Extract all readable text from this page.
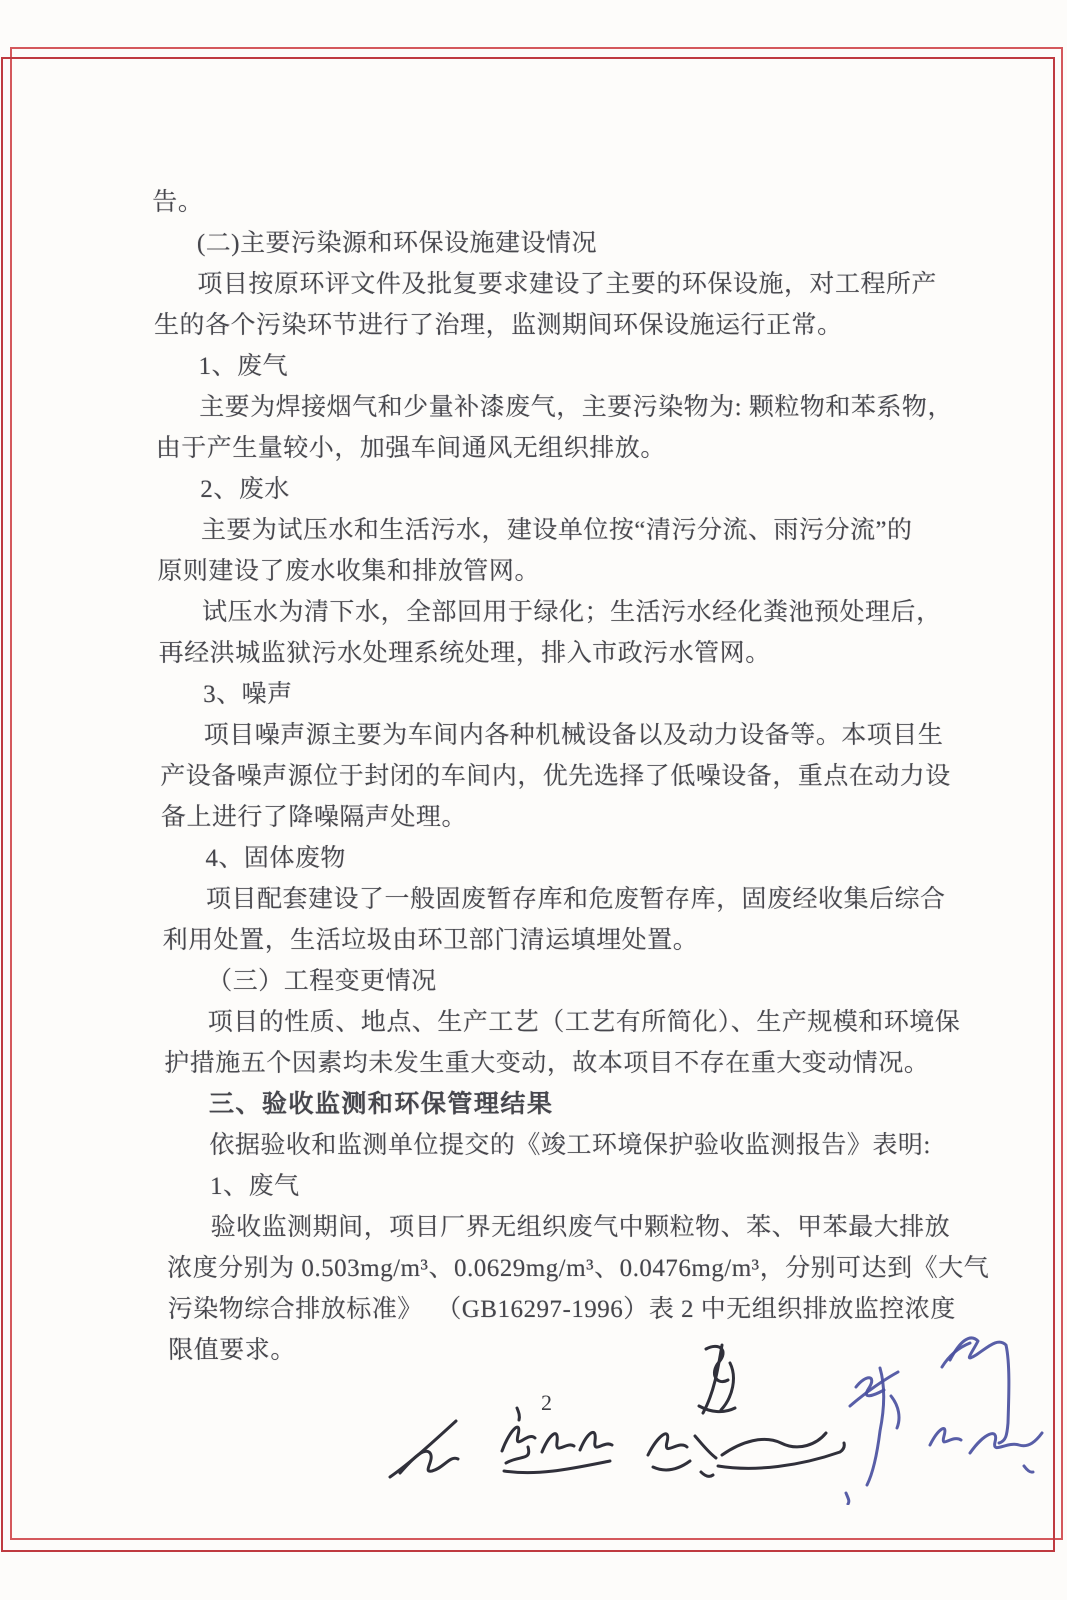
告。
(二)主要污染源和环保设施建设情况
项目按原环评文件及批复要求建设了主要的环保设施，对工程所产
生的各个污染环节进行了治理，监测期间环保设施运行正常。
1、废气
主要为焊接烟气和少量补漆废气，主要污染物为: 颗粒物和苯系物，
由于产生量较小，加强车间通风无组织排放。
2、废水
主要为试压水和生活污水，建设单位按“清污分流、雨污分流”的
原则建设了废水收集和排放管网。
试压水为清下水，全部回用于绿化；生活污水经化粪池预处理后，
再经洪城监狱污水处理系统处理，排入市政污水管网。
3、噪声
项目噪声源主要为车间内各种机械设备以及动力设备等。本项目生
产设备噪声源位于封闭的车间内，优先选择了低噪设备，重点在动力设
备上进行了降噪隔声处理。
4、固体废物
项目配套建设了一般固废暂存库和危废暂存库，固废经收集后综合
利用处置，生活垃圾由环卫部门清运填埋处置。
（三）工程变更情况
项目的性质、地点、生产工艺（工艺有所简化）、生产规模和环境保
护措施五个因素均未发生重大变动，故本项目不存在重大变动情况。
三、验收监测和环保管理结果
依据验收和监测单位提交的《竣工环境保护验收监测报告》表明:
1、废气
验收监测期间，项目厂界无组织废气中颗粒物、苯、甲苯最大排放
浓度分别为 0.503mg/m³、0.0629mg/m³、0.0476mg/m³，分别可达到《大气
污染物综合排放标准》  （GB16297-1996）表 2 中无组织排放监控浓度
限值要求。
2
